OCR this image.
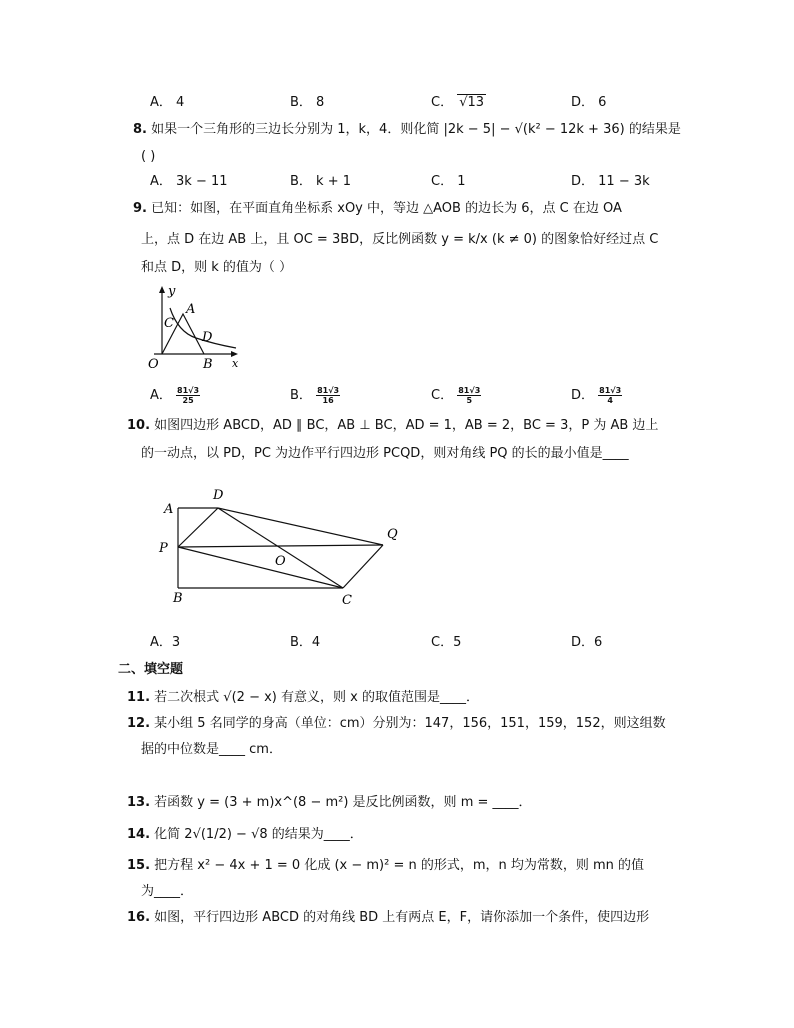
A． 4	B． 8	C． √13	D． 6
8. 如果一个三角形的三边长分别为 1，k，4．则化简 |2k − 5| − √(k² − 12k + 36) 的结果是
( )
A． 3k − 11	B． k + 1	C． 1	D． 11 − 3k
9. 已知：如图，在平面直角坐标系 xOy 中，等边 △AOB 的边长为 6，点 C 在边 OA
上，点 D 在边 AB 上，且 OC = 3BD，反比例函数 y = k/x (k ≠ 0) 的图象恰好经过点 C
和点 D，则 k 的值为（ ）
y
A
C
D
O	B x
A． $\frac{81√3}{25}$	B． $\frac{81√3}{16}$	C． $\frac{81√3}{5}$	D． $\frac{81√3}{4}$
10. 如图四边形 ABCD，AD ∥ BC，AB ⊥ BC，AD = 1，AB = 2，BC = 3，P 为 AB 边上
的一动点，以 PD，PC 为边作平行四边形 PCQD，则对角线 PQ 的长的最小值是____
A
D
P
Q
O
B	C
A．3	B．4	C．5	D．6
二、填空题
11. 若二次根式 √(2 − x) 有意义，则 x 的取值范围是____．
12. 某小组 5 名同学的身高（单位：cm）分别为：147，156，151，159，152，则这组数
据的中位数是____ cm．
13. 若函数 y = (3 + m)x^(8 − m²) 是反比例函数，则 m = ____．
14. 化简 2√(1/2) − √8 的结果为____．
15. 把方程 x² − 4x + 1 = 0 化成 (x − m)² = n 的形式，m，n 均为常数，则 mn 的值
为____．
16. 如图，平行四边形 ABCD 的对角线 BD 上有两点 E，F，请你添加一个条件，使四边形
